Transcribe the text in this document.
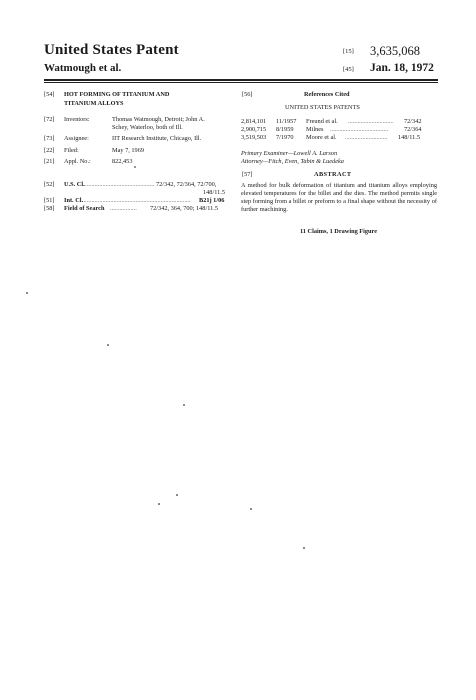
United States Patent
Watmough et al.
[15] 3,635,068
[45] Jan. 18, 1972
[54] HOT FORMING OF TITANIUM AND
TITANIUM ALLOYS
[72] Inventors:	Thomas Watmough, Detroit; John A.
Schey, Waterloo, both of Ill.
[73] Assignee:	IIT Research Institute, Chicago, Ill.
[22] Filed:	May 7, 1969
[21] Appl. No.:	822,453
[52] U.S. Cl.
.............................................. 72/342, 72/364, 72/700,
148/11.5
[51] Int. Cl.
..................................................................... B21j 1/06
[58] Field of Search ................. 72/342, 364, 700; 148/11.5
[56]	References Cited
UNITED STATES PATENTS
2,814,101 11/1957 Freund et al. ............................. 72/342
2,900,715 8/1959 Milnes .....................................	72/364
3,519,503 7/1970 Moore et al. ........................... 148/11.5
Primary Examiner—Lowell A. Larson
Attorney—Fitch, Even, Tabin & Luedeka
[57]	ABSTRACT
A method for bulk deformation of titanium and titanium alloys employing elevated temperatures for the billet and the dies. The method permits single step forming from a billet or preform to a final shape without the necessity of further machining.
11 Claims, 1 Drawing Figure
